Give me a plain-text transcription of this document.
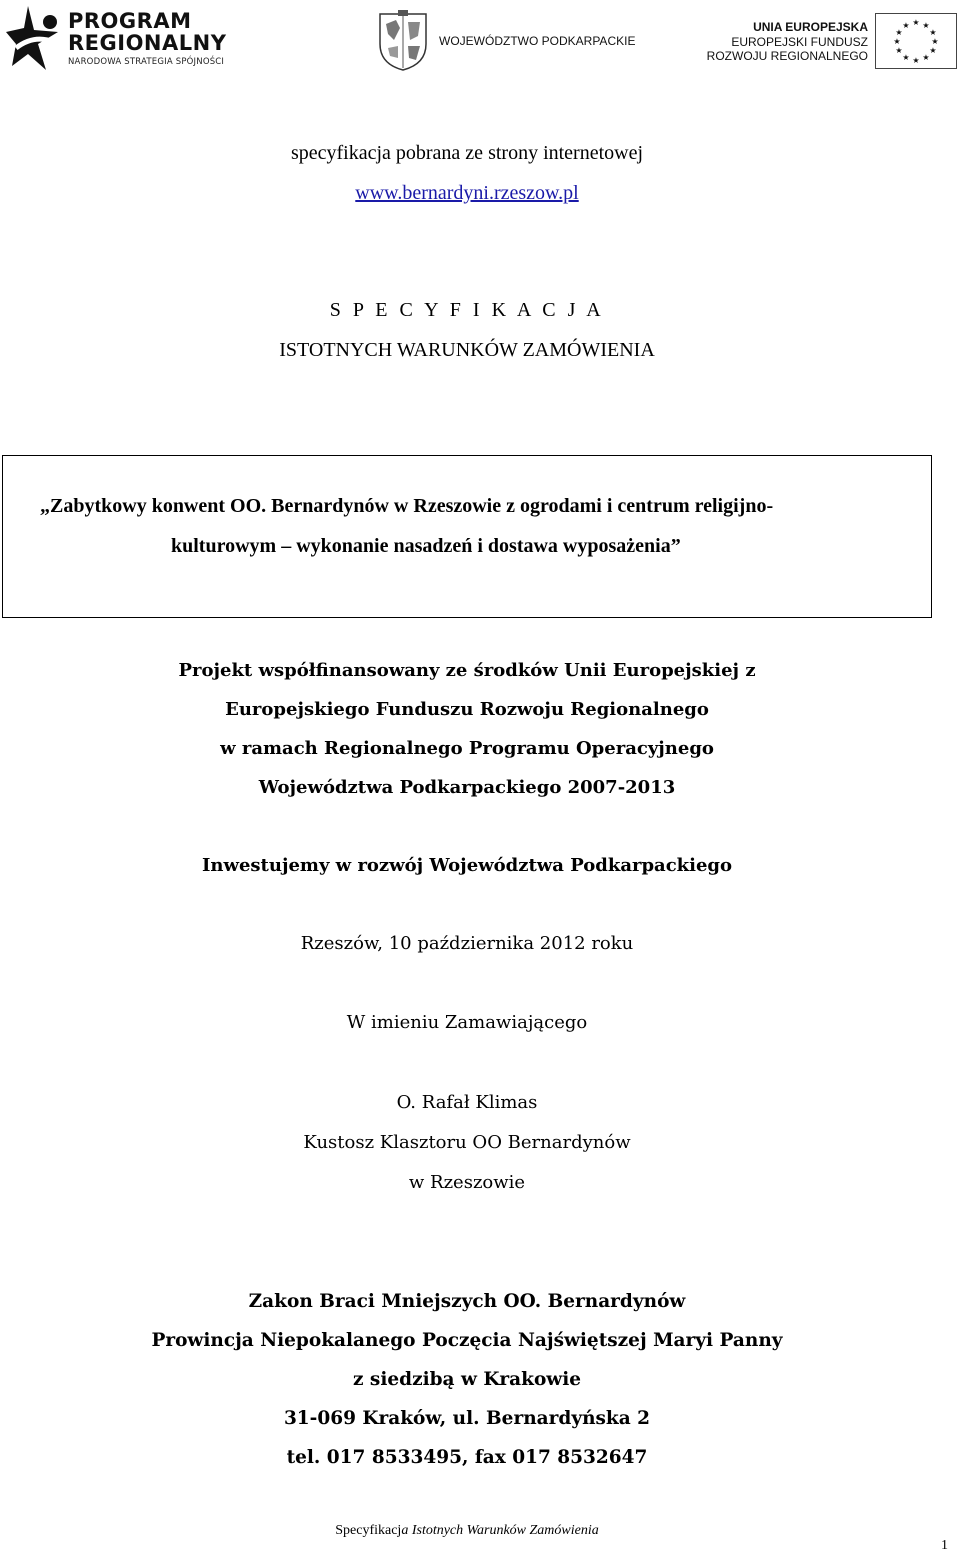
PROGRAM
REGIONALNY
NARODOWA STRATEGIA SPÓJNOŚCI
WOJEWÓDZTWO PODKARPACKIE
UNIA EUROPEJSKA
EUROPEJSKI FUNDUSZ
ROZWOJU REGIONALNEGO
★ ★
★
★
★
★
★
★
★
★
★
★
specyfikacja pobrana ze strony internetowej
www.bernardyni.rzeszow.pl
S P E C Y F I K A C J A
ISTOTNYCH WARUNKÓW ZAMÓWIENIA
„Zabytkowy konwent OO. Bernardynów w Rzeszowie z ogrodami i centrum religijno-
kulturowym – wykonanie nasadzeń i dostawa wyposażenia”
Projekt współfinansowany ze środków Unii Europejskiej z
Europejskiego Funduszu Rozwoju Regionalnego
w ramach Regionalnego Programu Operacyjnego
Województwa Podkarpackiego 2007-2013
Inwestujemy w rozwój Województwa Podkarpackiego
Rzeszów, 10 października 2012 roku
W imieniu Zamawiającego
O. Rafał Klimas
Kustosz Klasztoru OO Bernardynów
w Rzeszowie
Zakon Braci Mniejszych OO. Bernardynów
Prowincja Niepokalanego Poczęcia Najświętszej Maryi Panny
z siedzibą w Krakowie
31-069 Kraków, ul. Bernardyńska 2
tel. 017 8533495, fax 017 8532647
Specyfikacja Istotnych Warunków Zamówienia
1
